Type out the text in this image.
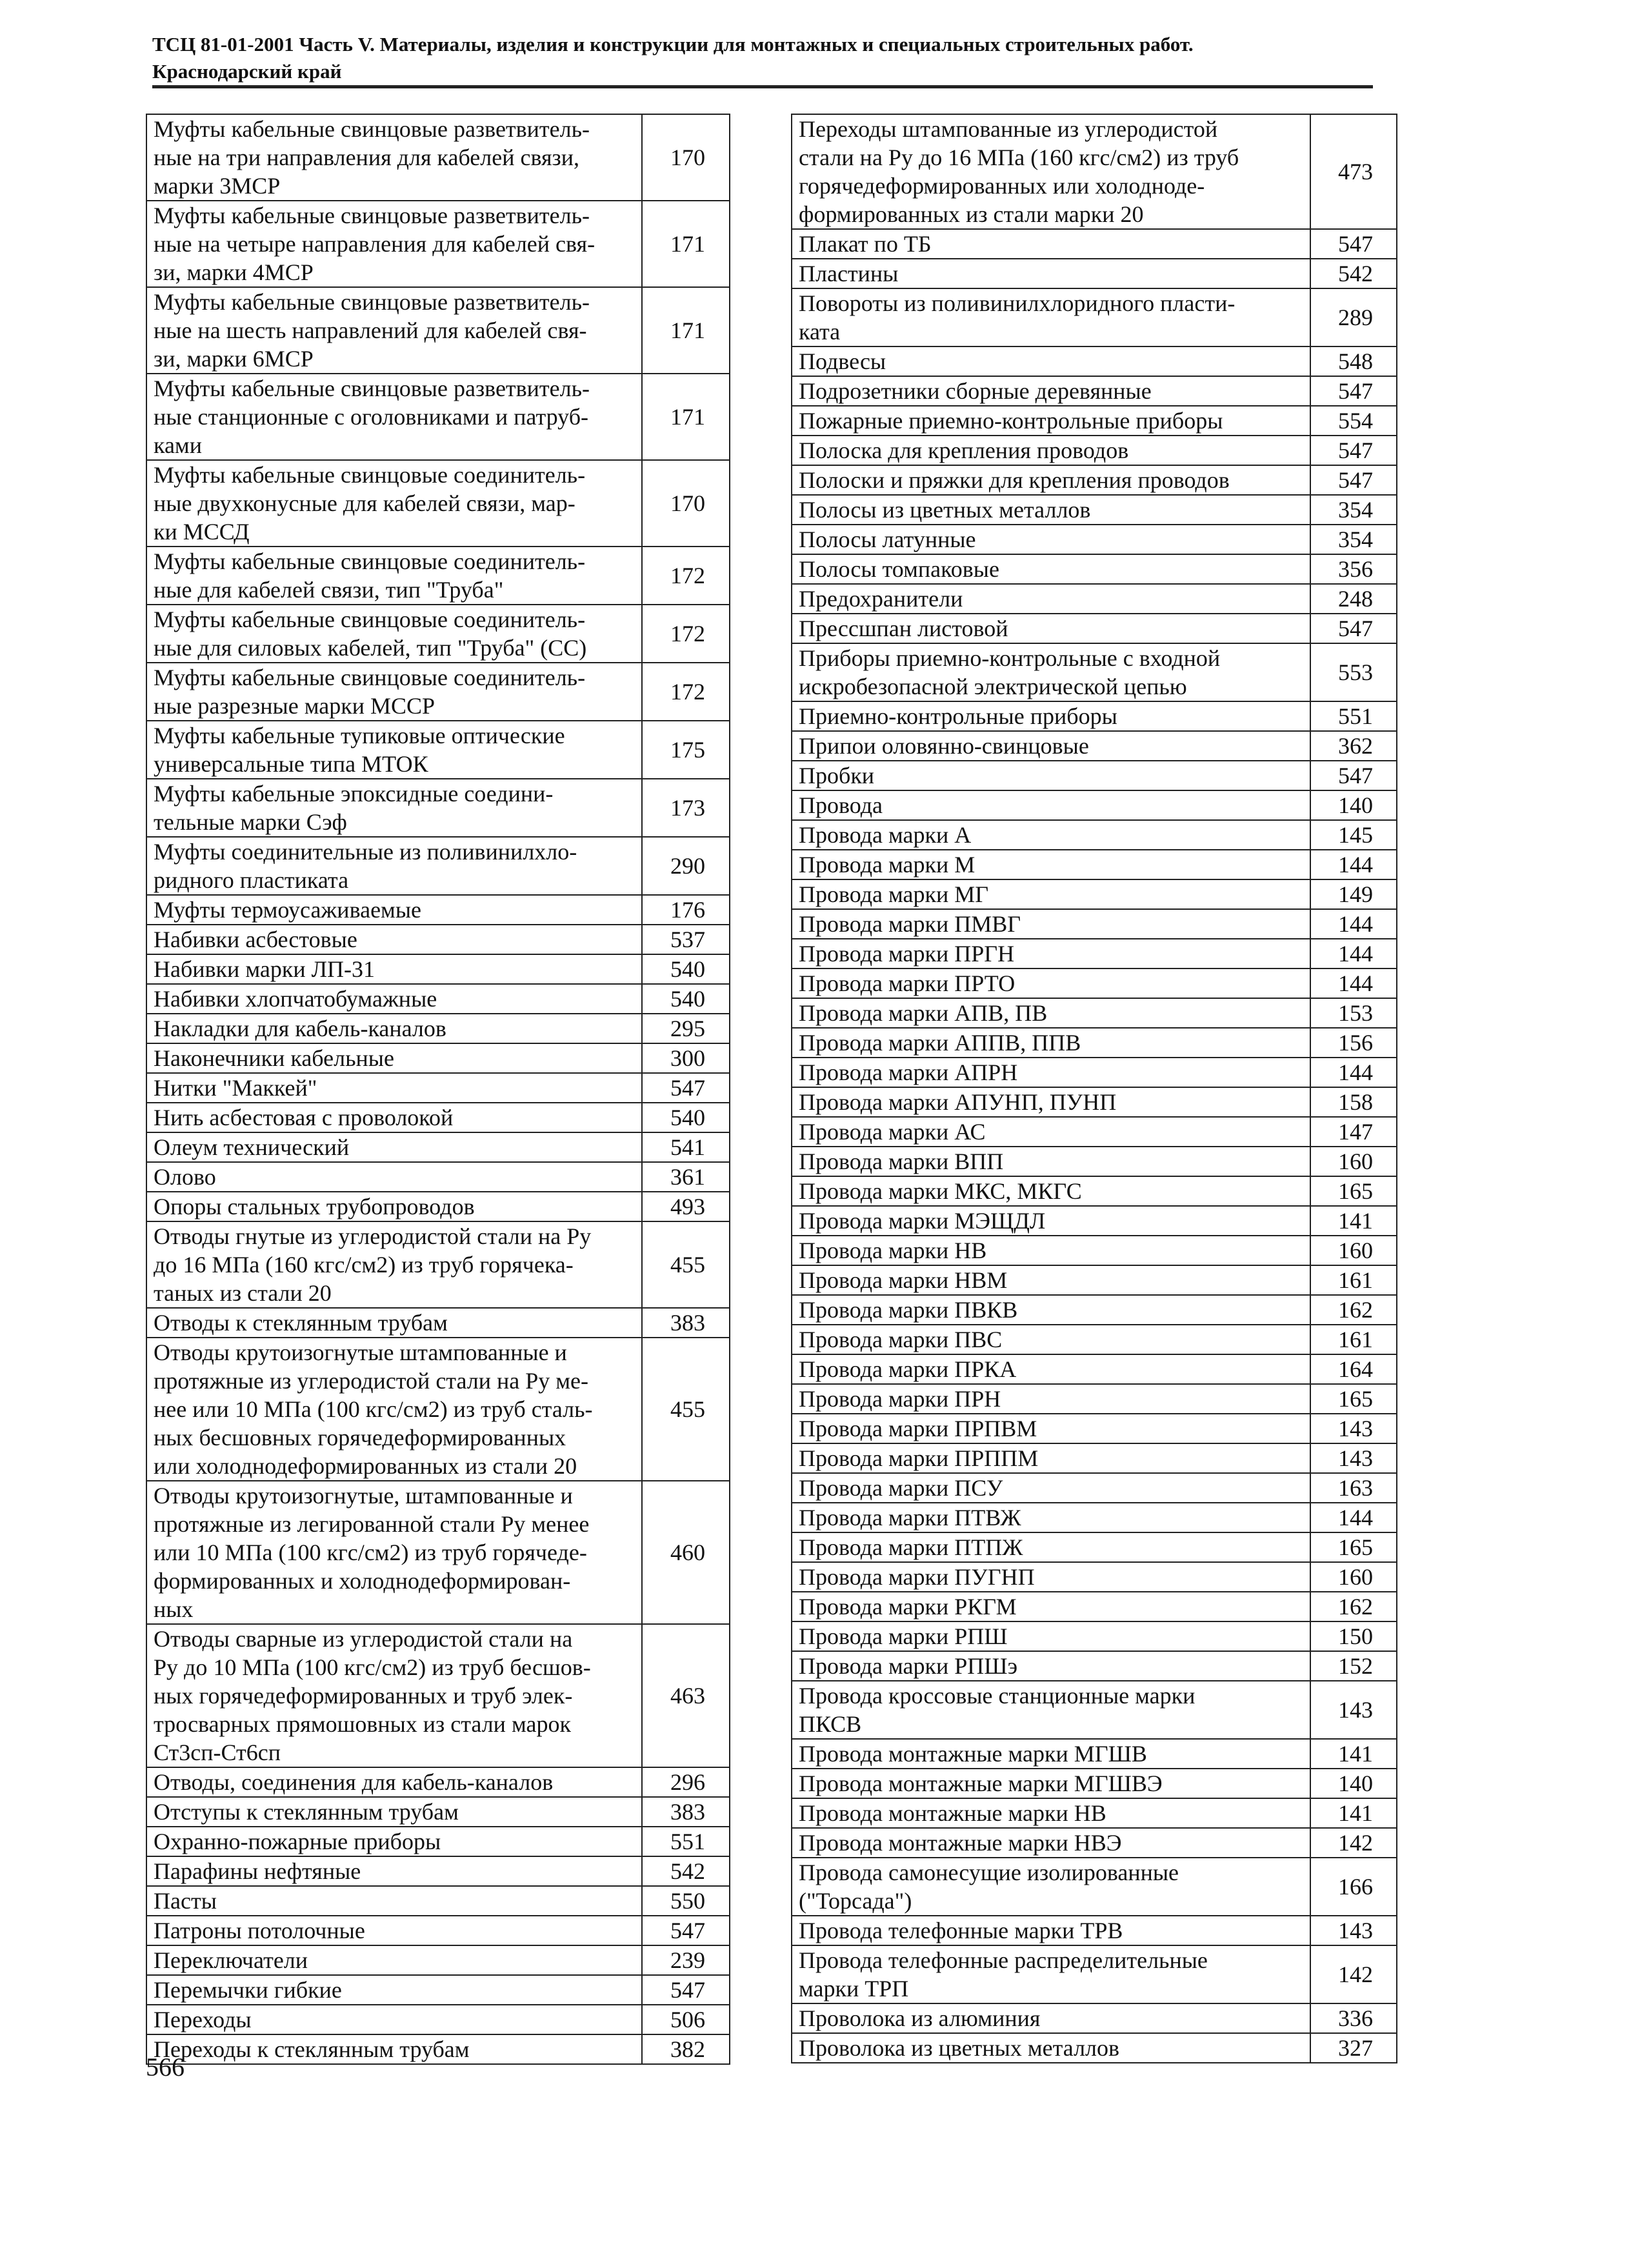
ТСЦ 81-01-2001 Часть V. Материалы, изделия и конструкции для монтажных и специальных строительных работ.
Краснодарский край
Муфты кабельные свинцовые разветвитель-
ные на три направления для кабелей связи,
марки 3МСР	170
Муфты кабельные свинцовые разветвитель-
ные на четыре направления для кабелей свя-
зи, марки 4МСР	171
Муфты кабельные свинцовые разветвитель-
ные на шесть направлений для кабелей свя-
зи, марки 6МСР	171
Муфты кабельные свинцовые разветвитель-
ные станционные с оголовниками и патруб-
ками	171
Муфты кабельные свинцовые соединитель-
ные двухконусные для кабелей связи, мар-
ки МССД	170
Муфты кабельные свинцовые соединитель-
ные для кабелей связи, тип "Труба"	172
Муфты кабельные свинцовые соединитель-
ные для силовых кабелей, тип "Труба" (СС)	172
Муфты кабельные свинцовые соединитель-
ные разрезные марки МССР	172
Муфты кабельные тупиковые оптические
универсальные типа МТОК	175
Муфты кабельные эпоксидные соедини-
тельные марки Сэф	173
Муфты соединительные из поливинилхло-
ридного пластиката	290
Муфты термоусаживаемые	176
Набивки асбестовые	537
Набивки марки ЛП-31	540
Набивки хлопчатобумажные	540
Накладки для кабель-каналов	295
Наконечники кабельные	300
Нитки "Маккей"	547
Нить асбестовая с проволокой	540
Олеум технический	541
Олово	361
Опоры стальных трубопроводов	493
Отводы гнутые из углеродистой стали на Ру
до 16 МПа (160 кгс/см2) из труб горячека-
таных из стали 20	455
Отводы к стеклянным трубам	383
Отводы крутоизогнутые штампованные и
протяжные из углеродистой стали на Ру ме-
нее или 10 МПа (100 кгс/см2) из труб сталь-
ных бесшовных горячедеформированных
или холоднодеформированных из стали 20	455
Отводы крутоизогнутые, штампованные и
протяжные из легированной стали Ру менее
или 10 МПа (100 кгс/см2) из труб горячеде-
формированных и холоднодеформирован-
ных	460
Отводы сварные из углеродистой стали на
Ру до 10 МПа (100 кгс/см2) из труб бесшов-
ных горячедеформированных и труб элек-
тросварных прямошовных из стали марок
Ст3сп-Ст6сп	463
Отводы, соединения для кабель-каналов	296
Отступы к стеклянным трубам	383
Охранно-пожарные приборы	551
Парафины нефтяные	542
Пасты	550
Патроны потолочные	547
Переключатели	239
Перемычки гибкие	547
Переходы	506
Переходы к стеклянным трубам	382
Переходы штампованные из углеродистой
стали на Ру до 16 МПа (160 кгс/см2) из труб
горячедеформированных или холодноде-
формированных из стали марки 20	473
Плакат по ТБ	547
Пластины	542
Повороты из поливинилхлоридного пласти-
ката	289
Подвесы	548
Подрозетники сборные деревянные	547
Пожарные приемно-контрольные приборы	554
Полоска для крепления проводов	547
Полоски и пряжки для крепления проводов	547
Полосы из цветных металлов	354
Полосы латунные	354
Полосы томпаковые	356
Предохранители	248
Прессшпан листовой	547
Приборы приемно-контрольные с входной
искробезопасной электрической цепью	553
Приемно-контрольные приборы	551
Припои оловянно-свинцовые	362
Пробки	547
Провода	140
Провода марки А	145
Провода марки М	144
Провода марки МГ	149
Провода марки ПМВГ	144
Провода марки ПРГН	144
Провода марки ПРТО	144
Провода марки АПВ, ПВ	153
Провода марки АППВ, ППВ	156
Провода марки АПРН	144
Провода марки АПУНП, ПУНП	158
Провода марки АС	147
Провода марки ВПП	160
Провода марки МКС, МКГС	165
Провода марки МЭЩДЛ	141
Провода марки НВ	160
Провода марки НВМ	161
Провода марки ПВКВ	162
Провода марки ПВС	161
Провода марки ПРКА	164
Провода марки ПРН	165
Провода марки ПРПВМ	143
Провода марки ПРППМ	143
Провода марки ПСУ	163
Провода марки ПТВЖ	144
Провода марки ПТПЖ	165
Провода марки ПУГНП	160
Провода марки РКГМ	162
Провода марки РПШ	150
Провода марки РПШэ	152
Провода кроссовые станционные марки
ПКСВ	143
Провода монтажные марки МГШВ	141
Провода монтажные марки МГШВЭ	140
Провода монтажные марки НВ	141
Провода монтажные марки НВЭ	142
Провода самонесущие изолированные
("Торсада")	166
Провода телефонные марки ТРВ	143
Провода телефонные распределительные
марки ТРП	142
Проволока из алюминия	336
Проволока из цветных металлов	327
566
